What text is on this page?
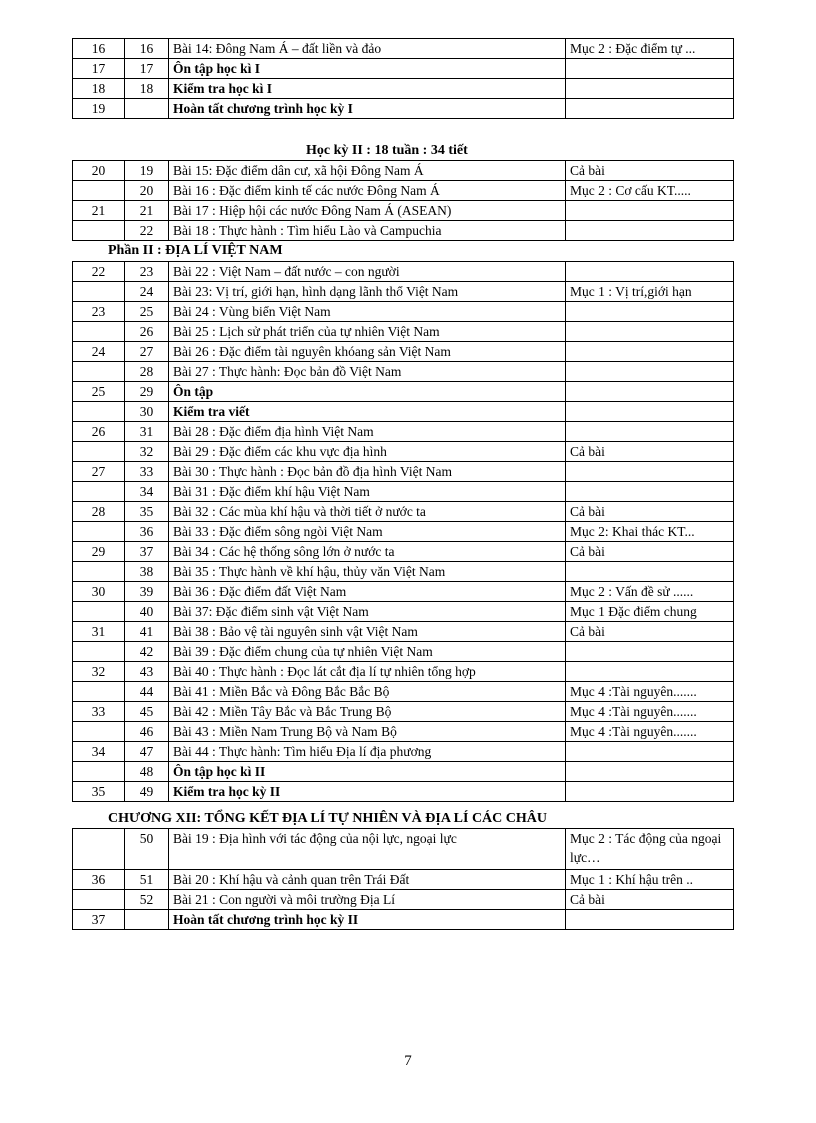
16	16	Bài 14: Đông Nam Á – đất liền và đảo	Mục 2 : Đặc điểm tự ...
17	17	Ôn tập học kì I	
18	18	Kiểm tra học kì I	
19		Hoàn tất chương trình học kỳ I	
Học kỳ II : 18 tuần : 34 tiết
20	19	Bài 15: Đặc điểm dân cư, xã hội Đông Nam Á	Cả bài
	20	Bài 16 : Đặc điểm kinh tế các nước Đông Nam Á	Mục 2 : Cơ cấu KT.....
21	21	Bài 17 : Hiệp hội các nước Đông Nam Á (ASEAN)	
	22	Bài 18 : Thực hành : Tìm hiểu Lào và Campuchia	
Phần II : ĐỊA LÍ VIỆT NAM
22	23	Bài 22 : Việt Nam – đất nước – con người	
	24	Bài 23: Vị trí, giới hạn, hình dạng lãnh thổ Việt Nam	Mục 1 : Vị trí,giới hạn
23	25	Bài 24 : Vùng biển Việt Nam	
	26	Bài 25 : Lịch sử phát triển của tự nhiên Việt Nam	
24	27	Bài 26 : Đặc điểm tài nguyên khóang sản Việt Nam	
	28	Bài 27 : Thực hành: Đọc bản đồ Việt Nam	
25	29	Ôn tập	
	30	Kiểm tra viết	
26	31	Bài 28 : Đặc điểm địa hình Việt Nam	
	32	Bài 29 : Đặc điểm các khu vực địa hình	Cả bài
27	33	Bài 30 : Thực hành : Đọc bản đồ địa hình Việt Nam	
	34	Bài 31 : Đặc điểm khí hậu Việt Nam	
28	35	Bài 32 : Các mùa khí hậu và thời tiết ở nước ta	Cả bài
	36	Bài 33 : Đặc điểm sông ngòi Việt Nam	Mục 2: Khai thác KT...
29	37	Bài 34 : Các hệ thống sông lớn ở nước ta	Cả bài
	38	Bài 35 : Thực hành về khí hậu, thủy văn Việt Nam	
30	39	Bài 36 : Đặc điểm đất Việt Nam	Mục 2 : Vấn đề sử ......
	40	Bài 37: Đặc điểm sinh vật Việt Nam	Mục 1 Đặc điểm chung
31	41	Bài 38 : Bảo vệ tài nguyên sinh vật Việt Nam	Cả bài
	42	Bài 39 : Đặc điểm chung của tự nhiên Việt Nam	
32	43	Bài 40 : Thực hành : Đọc lát cắt địa lí tự nhiên tổng hợp	
	44	Bài 41 : Miền Bắc và Đông Bắc Bắc Bộ	Mục 4 :Tài nguyên.......
33	45	Bài 42 : Miền Tây Bắc và Bắc Trung Bộ	Mục 4 :Tài nguyên.......
	46	Bài 43 : Miền Nam Trung Bộ và Nam Bộ	Mục 4 :Tài nguyên.......
34	47	Bài 44 : Thực hành: Tìm hiểu Địa lí địa phương	
	48	Ôn tập học kì II	
35	49	Kiểm tra học kỳ II	
CHƯƠNG XII: TỔNG KẾT ĐỊA LÍ TỰ NHIÊN VÀ ĐỊA LÍ CÁC CHÂU
	50	Bài 19 : Địa hình với tác động của nội lực, ngoại lực	Mục 2 : Tác động của ngoại lực…
36	51	Bài 20 : Khí hậu và cảnh quan trên Trái Đất	Mục 1 : Khí hậu trên ..
	52	Bài 21 : Con người và môi trường Địa Lí	Cả bài
37		Hoàn tất chương trình học kỳ II	
7
